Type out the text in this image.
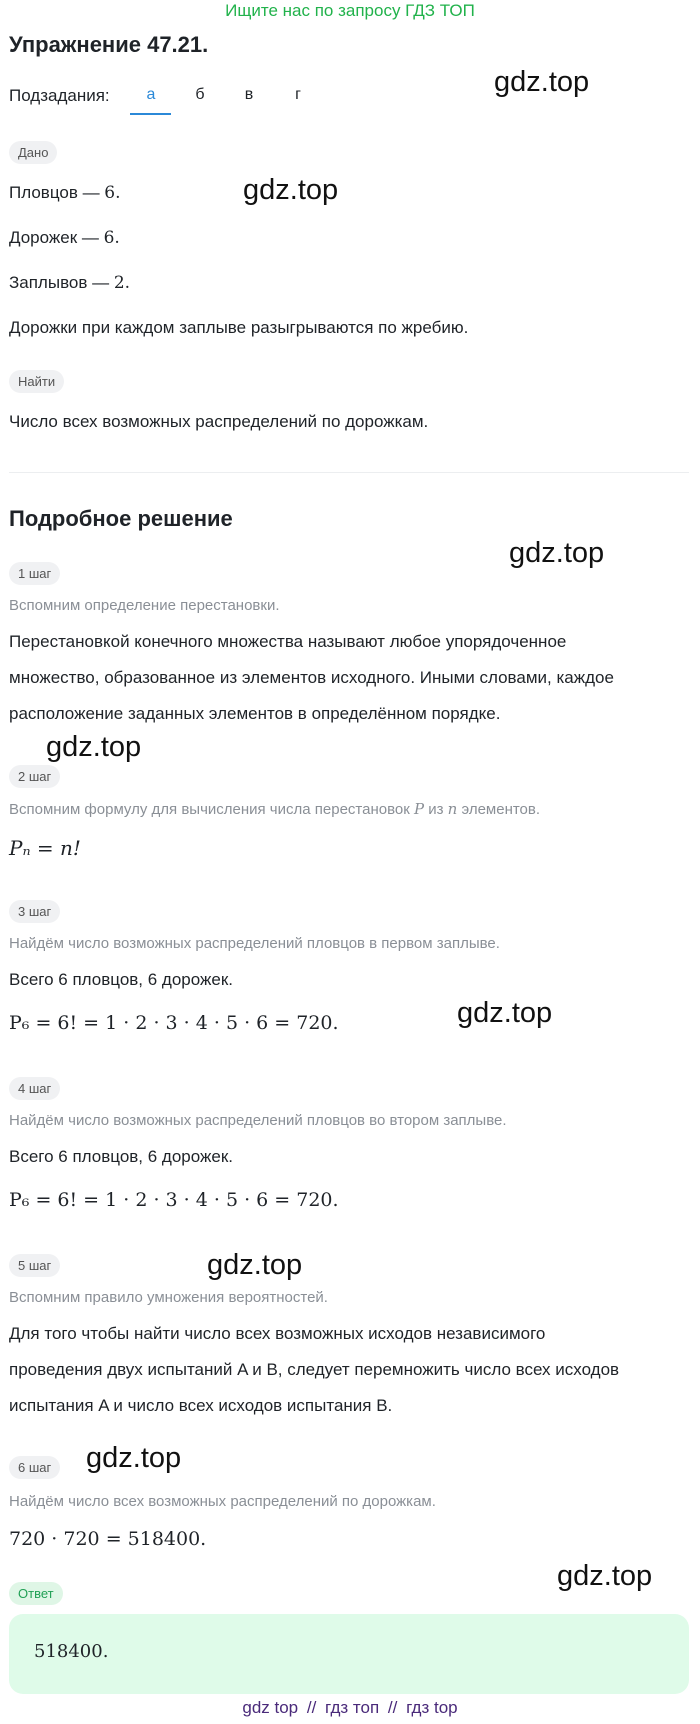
Ищите нас по запросу ГДЗ ТОП
Упражнение 47.21.
gdz.top
gdz.top
gdz.top
gdz.top
gdz.top
gdz.top
gdz.top
gdz.top
Подзадания:	а	б	в	г
Дано
Пловцов — 6.
Дорожек — 6.
Заплывов — 2.
Дорожки при каждом заплыве разыгрываются по жребию.
Найти
Число всех возможных распределений по дорожкам.
Подробное решение
1 шаг
Вспомним определение перестановки.
Перестановкой конечного множества называют любое упорядоченное
множество, образованное из элементов исходного. Иными словами, каждое
расположение заданных элементов в определённом порядке.
2 шаг
Вспомним формулу для вычисления числа перестановок P из n элементов.
Pₙ = n!
3 шаг
Найдём число возможных распределений пловцов в первом заплыве.
Всего 6 пловцов, 6 дорожек.
P₆ = 6! = 1 · 2 · 3 · 4 · 5 · 6 = 720.
4 шаг
Найдём число возможных распределений пловцов во втором заплыве.
Всего 6 пловцов, 6 дорожек.
P₆ = 6! = 1 · 2 · 3 · 4 · 5 · 6 = 720.
5 шаг
Вспомним правило умножения вероятностей.
Для того чтобы найти число всех возможных исходов независимого
проведения двух испытаний A и B, следует перемножить число всех исходов
испытания A и число всех исходов испытания B.
6 шаг
Найдём число всех возможных распределений по дорожкам.
720 · 720 = 518400.
Ответ
518400.
gdz top // гдз топ // гдз top
